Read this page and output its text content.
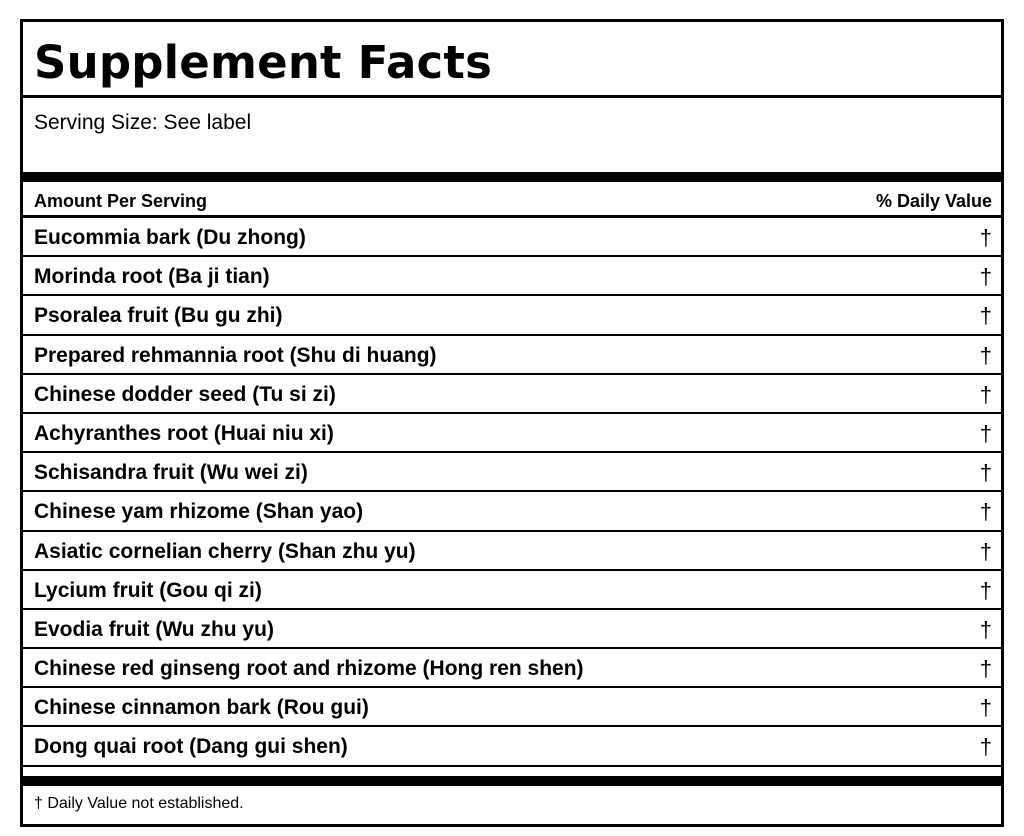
Supplement Facts
Serving Size: See label
Amount Per Serving	% Daily Value
Eucommia bark (Du zhong)	†
Morinda root (Ba ji tian)	†
Psoralea fruit (Bu gu zhi)	†
Prepared rehmannia root (Shu di huang)	†
Chinese dodder seed (Tu si zi)	†
Achyranthes root (Huai niu xi)	†
Schisandra fruit (Wu wei zi)	†
Chinese yam rhizome (Shan yao)	†
Asiatic cornelian cherry (Shan zhu yu)	†
Lycium fruit (Gou qi zi)	†
Evodia fruit (Wu zhu yu)	†
Chinese red ginseng root and rhizome (Hong ren shen)	†
Chinese cinnamon bark (Rou gui)	†
Dong quai root (Dang gui shen)	†
† Daily Value not established.
